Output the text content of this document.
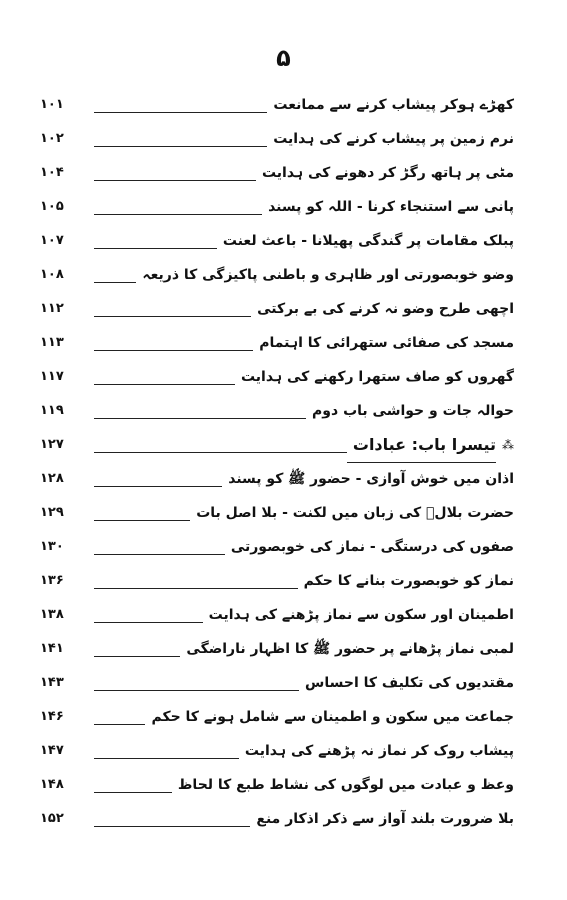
۵
کھڑے ہوکر پیشاب کرنے سے ممانعت
۱۰۱
نرم زمین پر پیشاب کرنے کی ہدایت
۱۰۲
مٹی پر ہاتھ رگڑ کر دھونے کی ہدایت
۱۰۴
پانی سے استنجاء کرنا - اللہ کو پسند
۱۰۵
پبلک مقامات پر گندگی پھیلانا - باعث لعنت
۱۰۷
وضو خوبصورتی اور ظاہری و باطنی پاکیزگی کا ذریعہ
۱۰۸
اچھی طرح وضو نہ کرنے کی بے برکتی
۱۱۲
مسجد کی صفائی ستھرائی کا اہتمام
۱۱۳
گھروں کو صاف ستھرا رکھنے کی ہدایت
۱۱۷
حوالہ جات و حواشی باب دوم
۱۱۹
⁂
تیسرا باب: عبادات
۱۲۷
اذان میں خوش آوازی - حضور ﷺ کو پسند
۱۲۸
حضرت بلالؓ کی زبان میں لکنت - بلا اصل بات
۱۲۹
صفوں کی درستگی - نماز کی خوبصورتی
۱۳۰
نماز کو خوبصورت بنانے کا حکم
۱۳۶
اطمینان اور سکون سے نماز پڑھنے کی ہدایت
۱۳۸
لمبی نماز پڑھانے پر حضور ﷺ کا اظہار ناراضگی
۱۴۱
مقتدیوں کی تکلیف کا احساس
۱۴۳
جماعت میں سکون و اطمینان سے شامل ہونے کا حکم
۱۴۶
پیشاب روک کر نماز نہ پڑھنے کی ہدایت
۱۴۷
وعظ و عبادت میں لوگوں کی نشاط طبع کا لحاظ
۱۴۸
بلا ضرورت بلند آواز سے ذکر اذکار منع
۱۵۲
